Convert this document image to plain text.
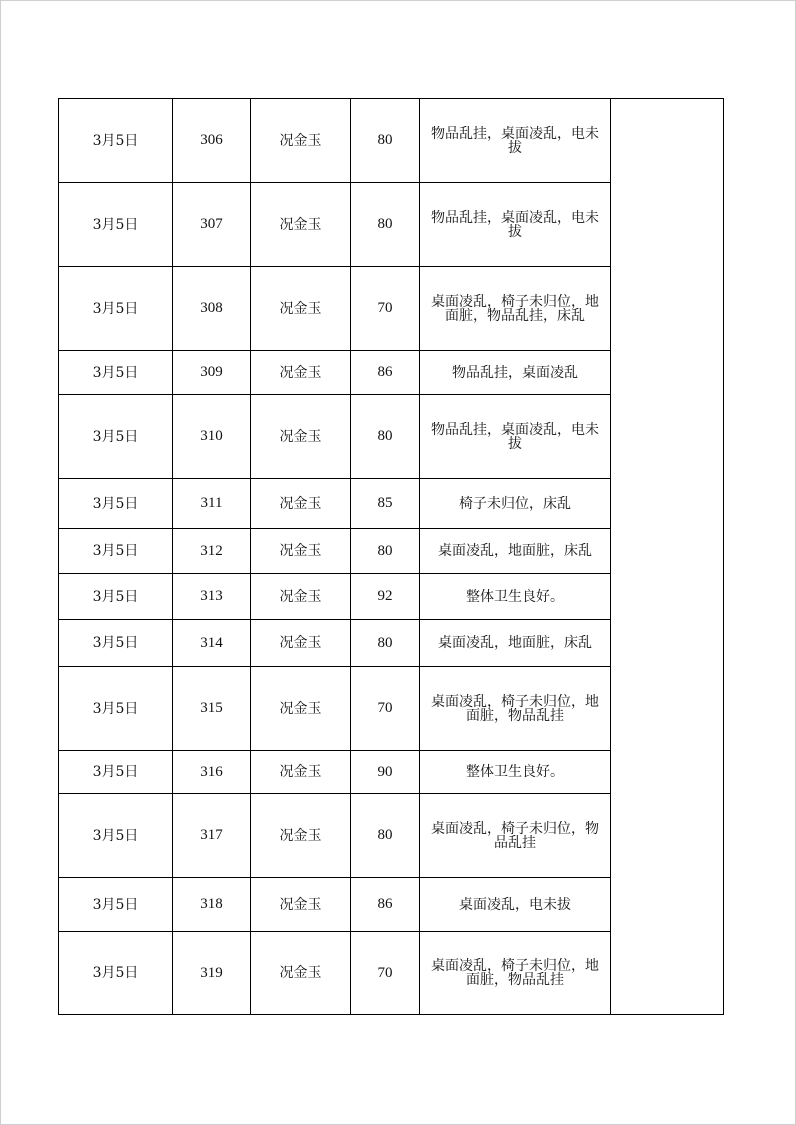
3月5日	306	况金玉	80	物品乱挂，桌面凌乱，电未拔	
3月5日	307	况金玉	80	物品乱挂，桌面凌乱，电未拔	
3月5日	308	况金玉	70	桌面凌乱，椅子未归位，地面脏，物品乱挂，床乱	
3月5日	309	况金玉	86	物品乱挂，桌面凌乱	
3月5日	310	况金玉	80	物品乱挂，桌面凌乱，电未拔	
3月5日	311	况金玉	85	椅子未归位，床乱	
3月5日	312	况金玉	80	桌面凌乱，地面脏，床乱	
3月5日	313	况金玉	92	整体卫生良好。	
3月5日	314	况金玉	80	桌面凌乱，地面脏，床乱	
3月5日	315	况金玉	70	桌面凌乱，椅子未归位，地面脏，物品乱挂	
3月5日	316	况金玉	90	整体卫生良好。	
3月5日	317	况金玉	80	桌面凌乱，椅子未归位，物品乱挂	
3月5日	318	况金玉	86	桌面凌乱，电未拔	
3月5日	319	况金玉	70	桌面凌乱，椅子未归位，地面脏，物品乱挂	
